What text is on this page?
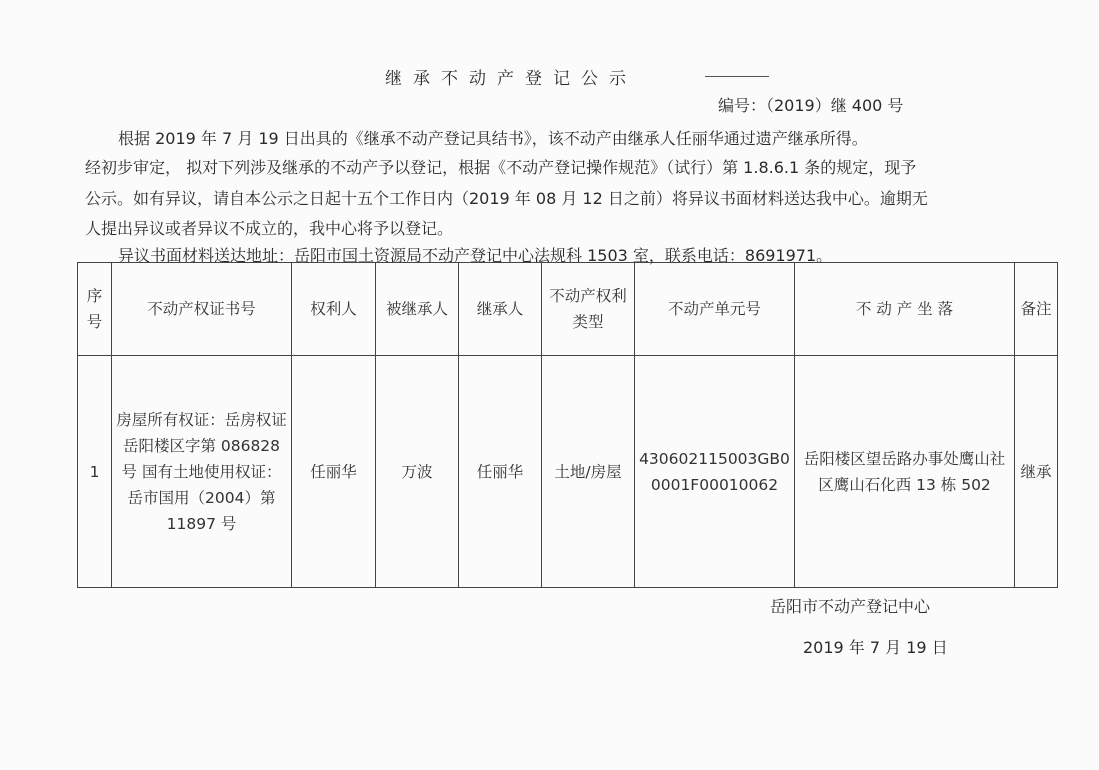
继承不动产登记公示
编号：（2019）继 400 号
根据 2019 年 7 月 19 日出具的《继承不动产登记具结书》，该不动产由继承人任丽华通过遗产继承所得。
经初步审定， 拟对下列涉及继承的不动产予以登记，根据《不动产登记操作规范》（试行）第 1.8.6.1 条的规定，现予
公示。如有异议，请自本公示之日起十五个工作日内（2019 年 08 月 12 日之前）将异议书面材料送达我中心。逾期无
人提出异议或者异议不成立的，我中心将予以登记。
异议书面材料送达地址：岳阳市国土资源局不动产登记中心法规科 1503 室，联系电话：8691971。
序号	不动产权证书号	权利人	被继承人	继承人	不动产权利类型	不动产单元号	不 动 产 坐 落	备注
1	房屋所有权证：岳房权证岳阳楼区字第 086828 号 国有土地使用权证：岳市国用（2004）第 11897 号	任丽华	万波	任丽华	土地/房屋	430602115003GB00001F00010062	岳阳楼区望岳路办事处鹰山社区鹰山石化西 13 栋 502	继承
岳阳市不动产登记中心
2019 年 7 月 19 日
